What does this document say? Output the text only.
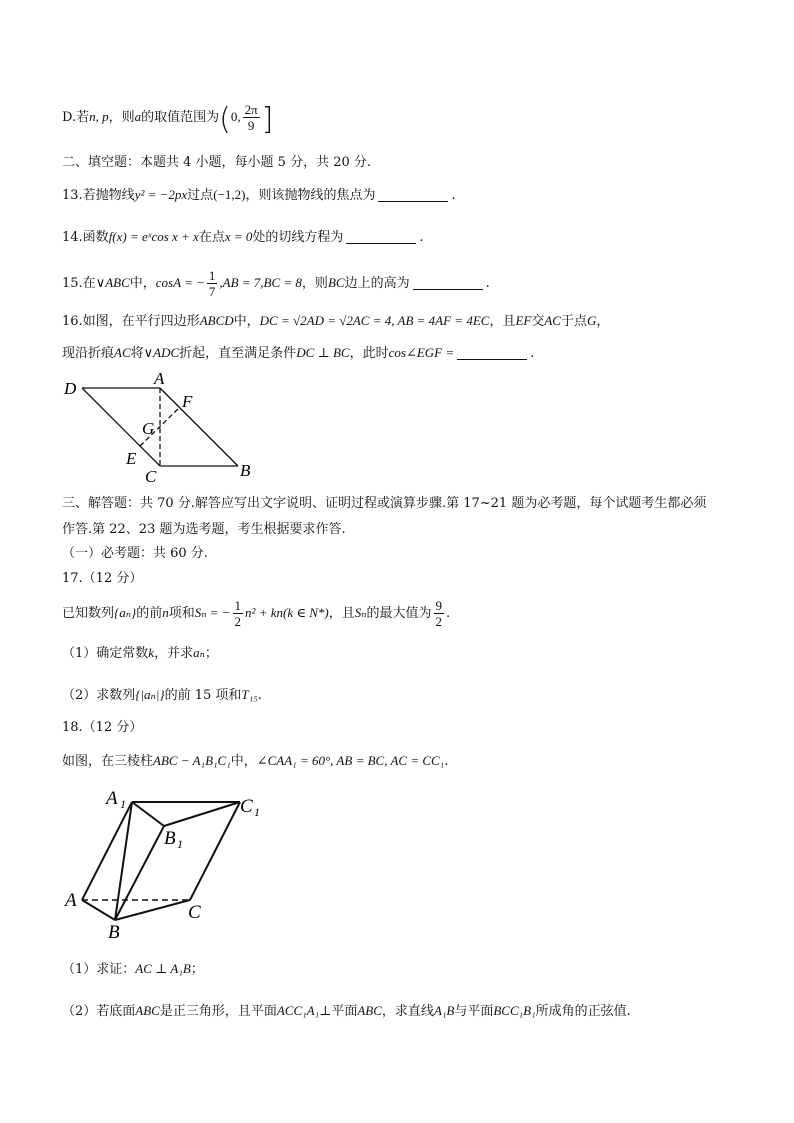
D.若n, p，则a的取值范围为(0, $\frac{2\pi}{9}$ ]
二、填空题：本题共 4 小题，每小题 5 分，共 20 分.
13.若抛物线y² = −2px过点(−1,2)，则该抛物线的焦点为	.
14.函数f(x) = eˣcos x + x在点x = 0处的切线方程为	.
15.在∨ABC中，cosA = − $\frac{1}{7} ,AB = 7,BC = 8$，则BC边上的高为	.
16.如图，在平行四边形ABCD中，DC = √2AD = √2AC = 4, AB = 4AF = 4EC，且EF交AC于点G，
现沿折痕AC将∨ADC折起，直至满足条件DC ⊥ BC，此时cos∠EGF =	.
D
A
F
G
E
C	B
三、解答题：共 70 分.解答应写出文字说明、证明过程或演算步骤.第 17~21 题为必考题，每个试题考生都必须
作答.第 22、23 题为选考题，考生根据要求作答.
（一）必考题：共 60 分.
17.（12 分）
已知数列{aₙ}的前n项和Sₙ = − $\frac{1}{2} n^2 + kn(k$ ∈ N*)，且Sₙ的最大值为 $\frac{9}{2}$ .
（1）确定常数k，并求aₙ；
（2）求数列{|aₙ|}的前 15 项和T₁₅.
18.（12 分）
如图，在三棱柱ABC − A₁B₁C₁中，∠CAA₁ = 60°, AB = BC, AC = CC₁.
A 1	C 1
B 1
A
C
B
（1）求证：AC ⊥ A₁B；
（2）若底面ABC是正三角形，且平面ACC₁A₁⊥平面ABC，求直线A₁B与平面BCC₁B₁所成角的正弦值.
